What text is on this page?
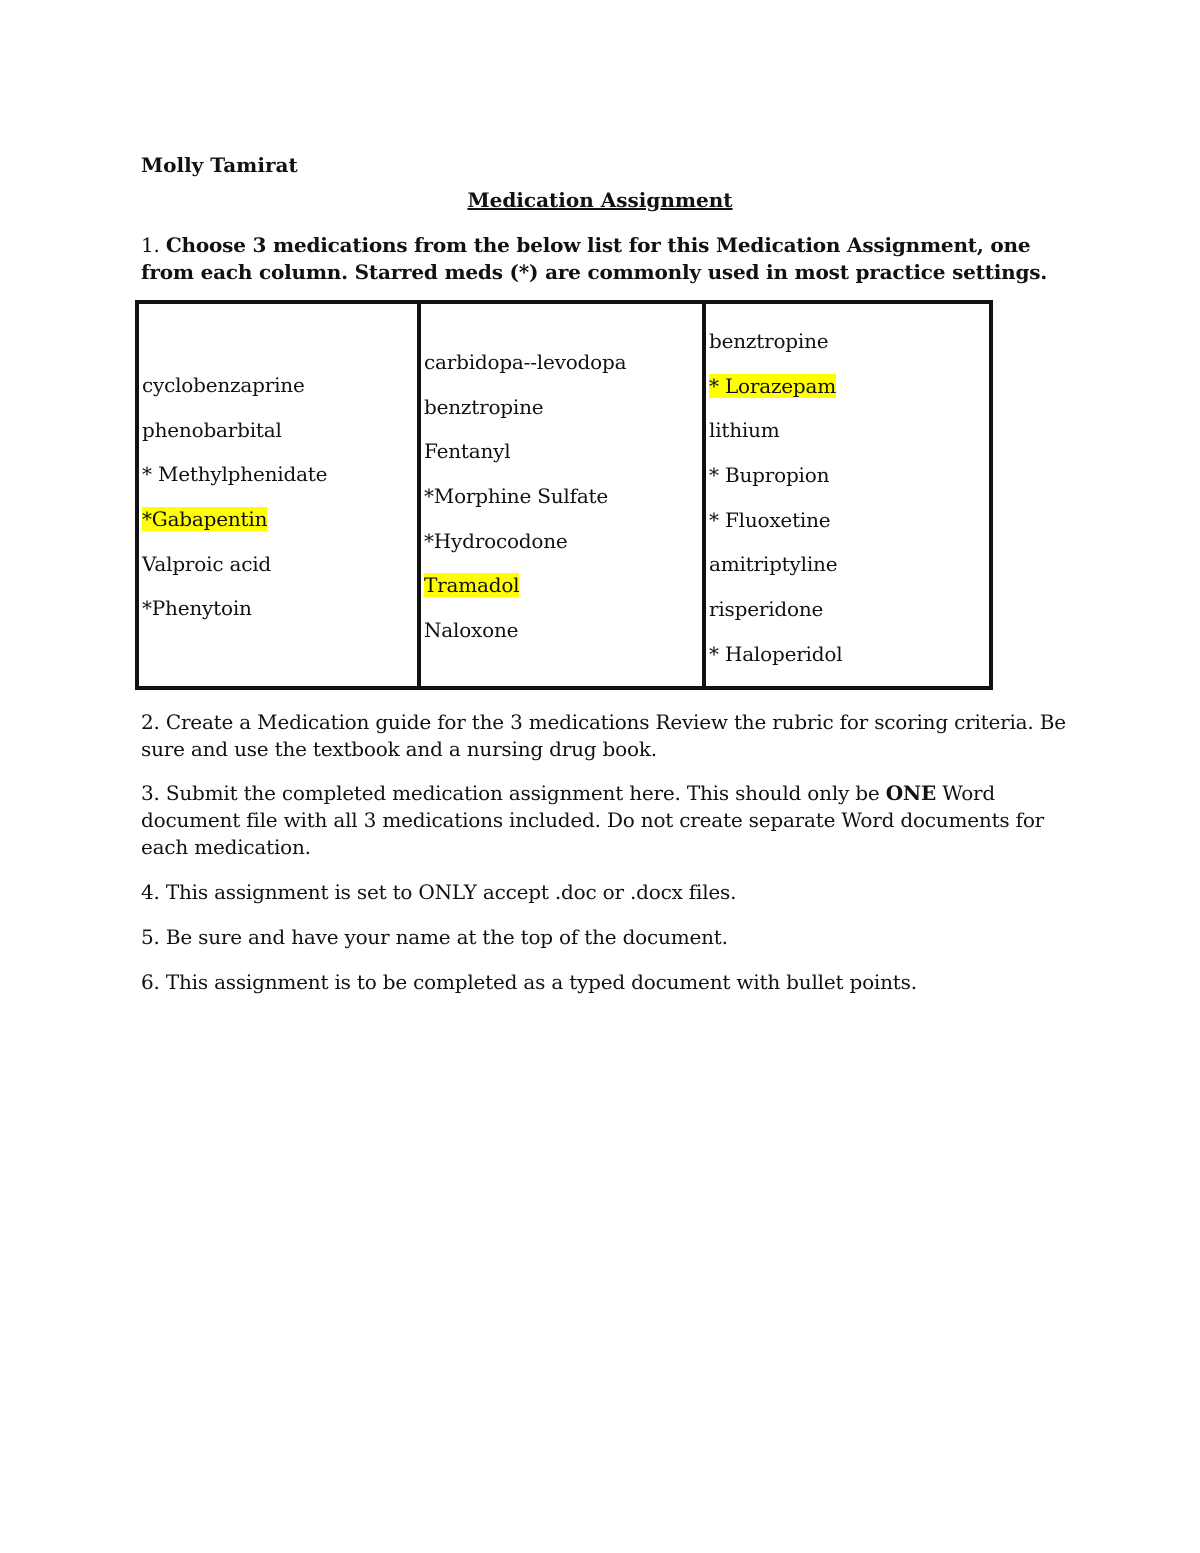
Molly Tamirat
Medication Assignment
1. Choose 3 medications from the below list for this Medication Assignment, one from each column. Starred meds (*) are commonly used in most practice settings.
cyclobenzaprine
phenobarbital
* Methylphenidate
*Gabapentin
Valproic acid
*Phenytoin
carbidopa--levodopa
benztropine
Fentanyl
*Morphine Sulfate
*Hydrocodone
Tramadol
Naloxone
benztropine
* Lorazepam
lithium
* Bupropion
* Fluoxetine
amitriptyline
risperidone
* Haloperidol
2. Create a Medication guide for the 3 medications Review the rubric for scoring criteria. Be sure and use the textbook and a nursing drug book.
3. Submit the completed medication assignment here. This should only be ONE Word document file with all 3 medications included. Do not create separate Word documents for each medication.
4. This assignment is set to ONLY accept .doc or .docx files.
5. Be sure and have your name at the top of the document.
6. This assignment is to be completed as a typed document with bullet points.
